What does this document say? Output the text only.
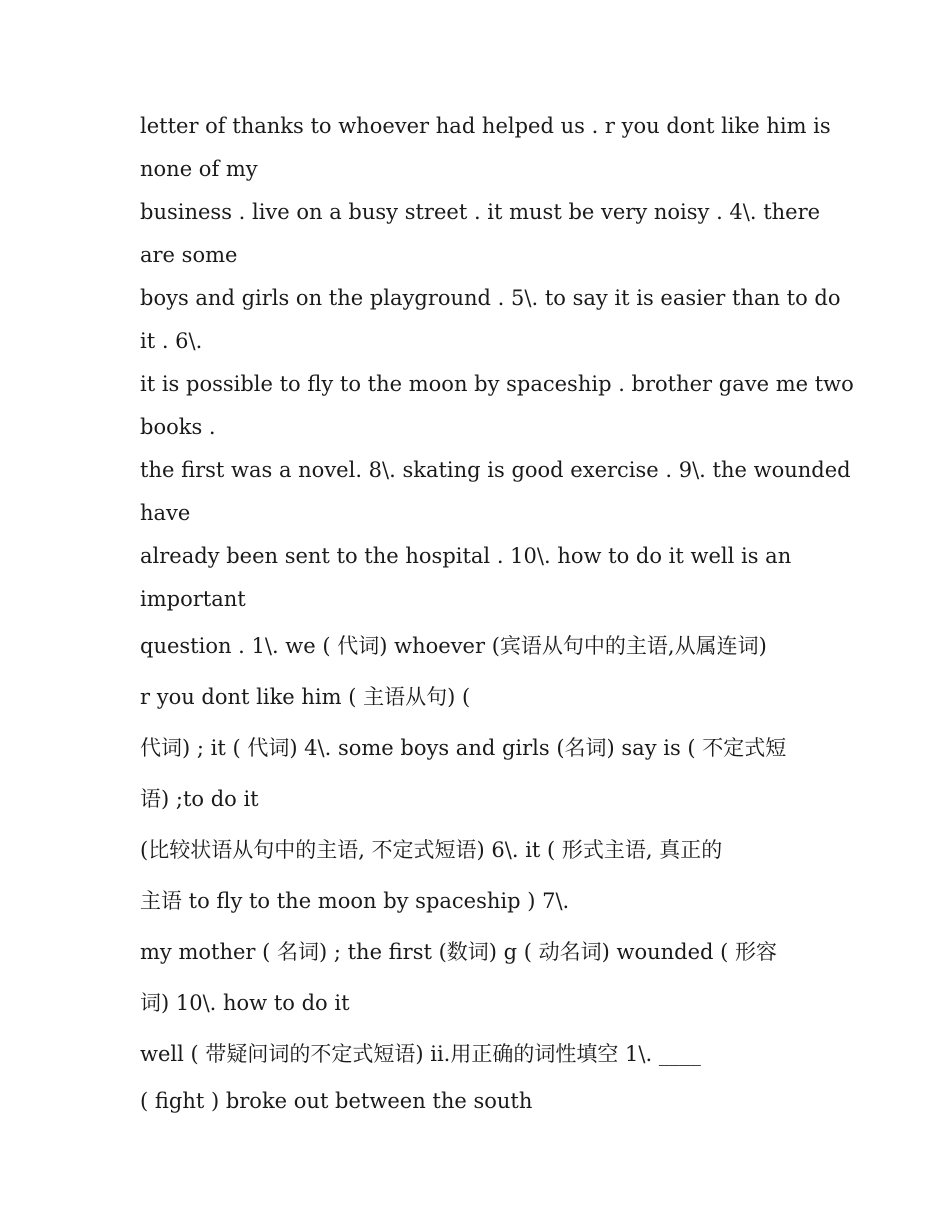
letter of thanks to whoever had helped us . r you dont like him is
none of my
business . live on a busy street . it must be very noisy . 4\. there
are some
boys and girls on the playground . 5\. to say it is easier than to do
it . 6\.
it is possible to fly to the moon by spaceship . brother gave me two
books .
the first was a novel. 8\. skating is good exercise . 9\. the wounded
have
already been sent to the hospital . 10\. how to do it well is an
important
question . 1\. we ( 代词) whoever (宾语从句中的主语,从属连词)
r you dont like him ( 主语从句) (
代词) ; it ( 代词) 4\. some boys and girls (名词) say is ( 不定式短
语) ;to do it
(比较状语从句中的主语, 不定式短语) 6\. it ( 形式主语, 真正的
主语 to fly to the moon by spaceship ) 7\.
my mother ( 名词) ; the first (数词) g ( 动名词) wounded ( 形容
词) 10\. how to do it
well ( 带疑问词的不定式短语) ii.用正确的词性填空 1\. ____
( fight ) broke out between the south
